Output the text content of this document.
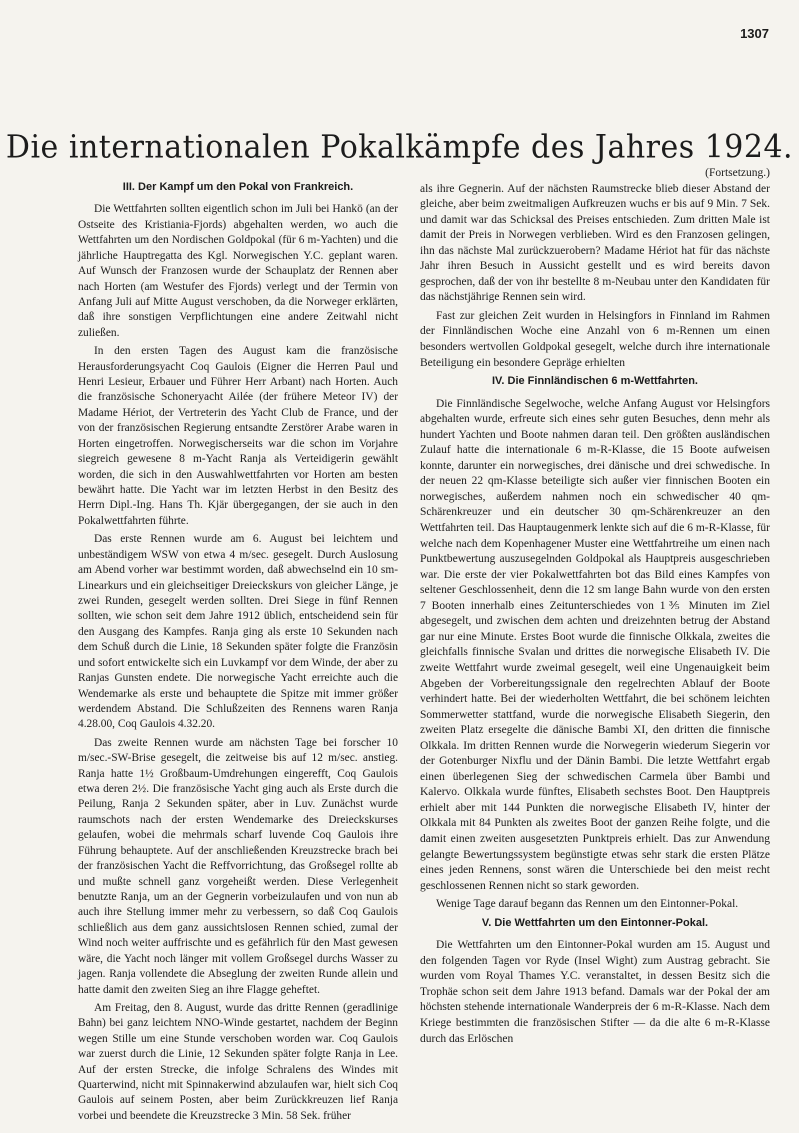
1307
Die internationalen Pokalkämpfe des Jahres 1924.
III. Der Kampf um den Pokal von Frankreich.

Die Wettfahrten sollten eigentlich schon im Juli bei Hankö (an der Ostseite des Kristiania-Fjords) abgehalten werden, wo auch die Wettfahrten um den Nordischen Goldpokal (für 6 m-Yachten) und die jährliche Hauptregatta des Kgl. Norwegischen Y.C. geplant waren. Auf Wunsch der Franzosen wurde der Schauplatz der Rennen aber nach Horten (am Westufer des Fjords) verlegt und der Termin von Anfang Juli auf Mitte August verschoben, da die Norweger erklärten, daß ihre sonstigen Verpflichtungen eine andere Zeitwahl nicht zuließen.

In den ersten Tagen des August kam die französische Herausforderungsyacht Coq Gaulois (Eigner die Herren Paul und Henri Lesieur, Erbauer und Führer Herr Arbant) nach Horten. Auch die französische Schoneryacht Ailée (der frühere Meteor IV) der Madame Hériot, der Vertreterin des Yacht Club de France, und der von der französischen Regierung entsandte Zerstörer Arabe waren in Horten eingetroffen. Norwegischerseits war die schon im Vorjahre siegreich gewesene 8 m-Yacht Ranja als Verteidigerin gewählt worden, die sich in den Auswahlwettfahrten vor Horten am besten bewährt hatte. Die Yacht war im letzten Herbst in den Besitz des Herrn Dipl.-Ing. Hans Th. Kjär übergegangen, der sie auch in den Pokalwettfahrten führte.

Das erste Rennen wurde am 6. August bei leichtem und unbeständigem WSW von etwa 4 m/sec. gesegelt. Durch Auslosung am Abend vorher war bestimmt worden, daß abwechselnd ein 10 sm-Linearkurs und ein gleichseitiger Dreieckskurs von gleicher Länge, je zwei Runden, gesegelt werden sollten. Drei Siege in fünf Rennen sollten, wie schon seit dem Jahre 1912 üblich, entscheidend sein für den Ausgang des Kampfes. Ranja ging als erste 10 Sekunden nach dem Schuß durch die Linie, 18 Sekunden später folgte die Französin und sofort entwickelte sich ein Luvkampf vor dem Winde, der aber zu Ranjas Gunsten endete. Die norwegische Yacht erreichte auch die Wendemarke als erste und behauptete die Spitze mit immer größer werdendem Abstand. Die Schlußzeiten des Rennens waren Ranja 4.28.00, Coq Gaulois 4.32.20.

Das zweite Rennen wurde am nächsten Tage bei forscher 10 m/sec.-SW-Brise gesegelt, die zeitweise bis auf 12 m/sec. anstieg. Ranja hatte 1½ Großbaum-Umdrehungen eingerefft, Coq Gaulois etwa deren 2½. Die französische Yacht ging auch als Erste durch die Peilung, Ranja 2 Sekunden später, aber in Luv. Zunächst wurde raumschots nach der ersten Wendemarke des Dreieckskurses gelaufen, wobei die mehrmals scharf luvende Coq Gaulois ihre Führung behauptete. Auf der anschließenden Kreuzstrecke brach bei der französischen Yacht die Reffvorrichtung, das Großsegel rollte ab und mußte schnell ganz vorgeheißt werden. Diese Verlegenheit benutzte Ranja, um an der Gegnerin vorbeizulaufen und von nun ab auch ihre Stellung immer mehr zu verbessern, so daß Coq Gaulois schließlich aus dem ganz aussichtslosen Rennen schied, zumal der Wind noch weiter auffrischte und es gefährlich für den Mast gewesen wäre, die Yacht noch länger mit vollem Großsegel durchs Wasser zu jagen. Ranja vollendete die Abseglung der zweiten Runde allein und hatte damit den zweiten Sieg an ihre Flagge geheftet.

Am Freitag, den 8. August, wurde das dritte Rennen (geradlinige Bahn) bei ganz leichtem NNO-Winde gestartet, nachdem der Beginn wegen Stille um eine Stunde verschoben worden war. Coq Gaulois war zuerst durch die Linie, 12 Sekunden später folgte Ranja in Lee. Auf der ersten Strecke, die infolge Schralens des Windes mit Quarterwind, nicht mit Spinnakerwind abzulaufen war, hielt sich Coq Gaulois auf seinem Posten, aber beim Zurückkreuzen lief Ranja vorbei und beendete die Kreuzstrecke 3 Min. 58 Sek. früher

(Fortsetzung.)

als ihre Gegnerin. Auf der nächsten Raumstrecke blieb dieser Abstand der gleiche, aber beim zweitmaligen Aufkreuzen wuchs er bis auf 9 Min. 7 Sek. und damit war das Schicksal des Preises entschieden. Zum dritten Male ist damit der Preis in Norwegen verblieben. Wird es den Franzosen gelingen, ihn das nächste Mal zurückzuerobern? Madame Hériot hat für das nächste Jahr ihren Besuch in Aussicht gestellt und es wird bereits davon gesprochen, daß der von ihr bestellte 8 m-Neubau unter den Kandidaten für das nächstjährige Rennen sein wird.

Fast zur gleichen Zeit wurden in Helsingfors in Finnland im Rahmen der Finnländischen Woche eine Anzahl von 6 m-Rennen um einen besonders wertvollen Goldpokal gesegelt, welche durch ihre internationale Beteiligung ein besondere Gepräge erhielten

IV. Die Finnländischen 6 m-Wettfahrten.

Die Finnländische Segelwoche, welche Anfang August vor Helsingfors abgehalten wurde, erfreute sich eines sehr guten Besuches, denn mehr als hundert Yachten und Boote nahmen daran teil. Den größten ausländischen Zulauf hatte die internationale 6 m-R-Klasse, die 15 Boote aufweisen konnte, darunter ein norwegisches, drei dänische und drei schwedische. In der neuen 22 qm-Klasse beteiligte sich außer vier finnischen Booten ein norwegisches, außerdem nahmen noch ein schwedischer 40 qm-Schärenkreuzer und ein deutscher 30 qm-Schärenkreuzer an den Wettfahrten teil. Das Hauptaugenmerk lenkte sich auf die 6 m-R-Klasse, für welche nach dem Kopenhagener Muster eine Wettfahrtreihe um einen nach Punktbewertung auszusegelnden Goldpokal als Hauptpreis ausgeschrieben war. Die erste der vier Pokalwettfahrten bot das Bild eines Kampfes von seltener Geschlossenheit, denn die 12 sm lange Bahn wurde von den ersten 7 Booten innerhalb eines Zeitunterschiedes von 1⅗ Minuten im Ziel abgesegelt, und zwischen dem achten und dreizehnten betrug der Abstand gar nur eine Minute. Erstes Boot wurde die finnische Olkkala, zweites die gleichfalls finnische Svalan und drittes die norwegische Elisabeth IV. Die zweite Wettfahrt wurde zweimal gesegelt, weil eine Ungenauigkeit beim Abgeben der Vorbereitungssignale den regelrechten Ablauf der Boote verhindert hatte. Bei der wiederholten Wettfahrt, die bei schönem leichten Sommerwetter stattfand, wurde die norwegische Elisabeth Siegerin, den zweiten Platz ersegelte die dänische Bambi XI, den dritten die finnische Olkkala. Im dritten Rennen wurde die Norwegerin wiederum Siegerin vor der Gotenburger Nixflu und der Dänin Bambi. Die letzte Wettfahrt ergab einen überlegenen Sieg der schwedischen Carmela über Bambi und Kalervo. Olkkala wurde fünftes, Elisabeth sechstes Boot. Den Hauptpreis erhielt aber mit 144 Punkten die norwegische Elisabeth IV, hinter der Olkkala mit 84 Punkten als zweites Boot der ganzen Reihe folgte, und die damit einen zweiten ausgesetzten Punktpreis erhielt. Das zur Anwendung gelangte Bewertungssystem begünstigte etwas sehr stark die ersten Plätze eines jeden Rennens, sonst wären die Unterschiede bei den meist recht geschlossenen Rennen nicht so stark geworden.

Wenige Tage darauf begann das Rennen um den Eintonner-Pokal.

V. Die Wettfahrten um den Eintonner-Pokal.

Die Wettfahrten um den Eintonner-Pokal wurden am 15. August und den folgenden Tagen vor Ryde (Insel Wight) zum Austrag gebracht. Sie wurden vom Royal Thames Y.C. veranstaltet, in dessen Besitz sich die Trophäe schon seit dem Jahre 1913 befand. Damals war der Pokal der am höchsten stehende internationale Wanderpreis der 6 m-R-Klasse. Nach dem Kriege bestimmten die französischen Stifter — da die alte 6 m-R-Klasse durch das Erlöschen
